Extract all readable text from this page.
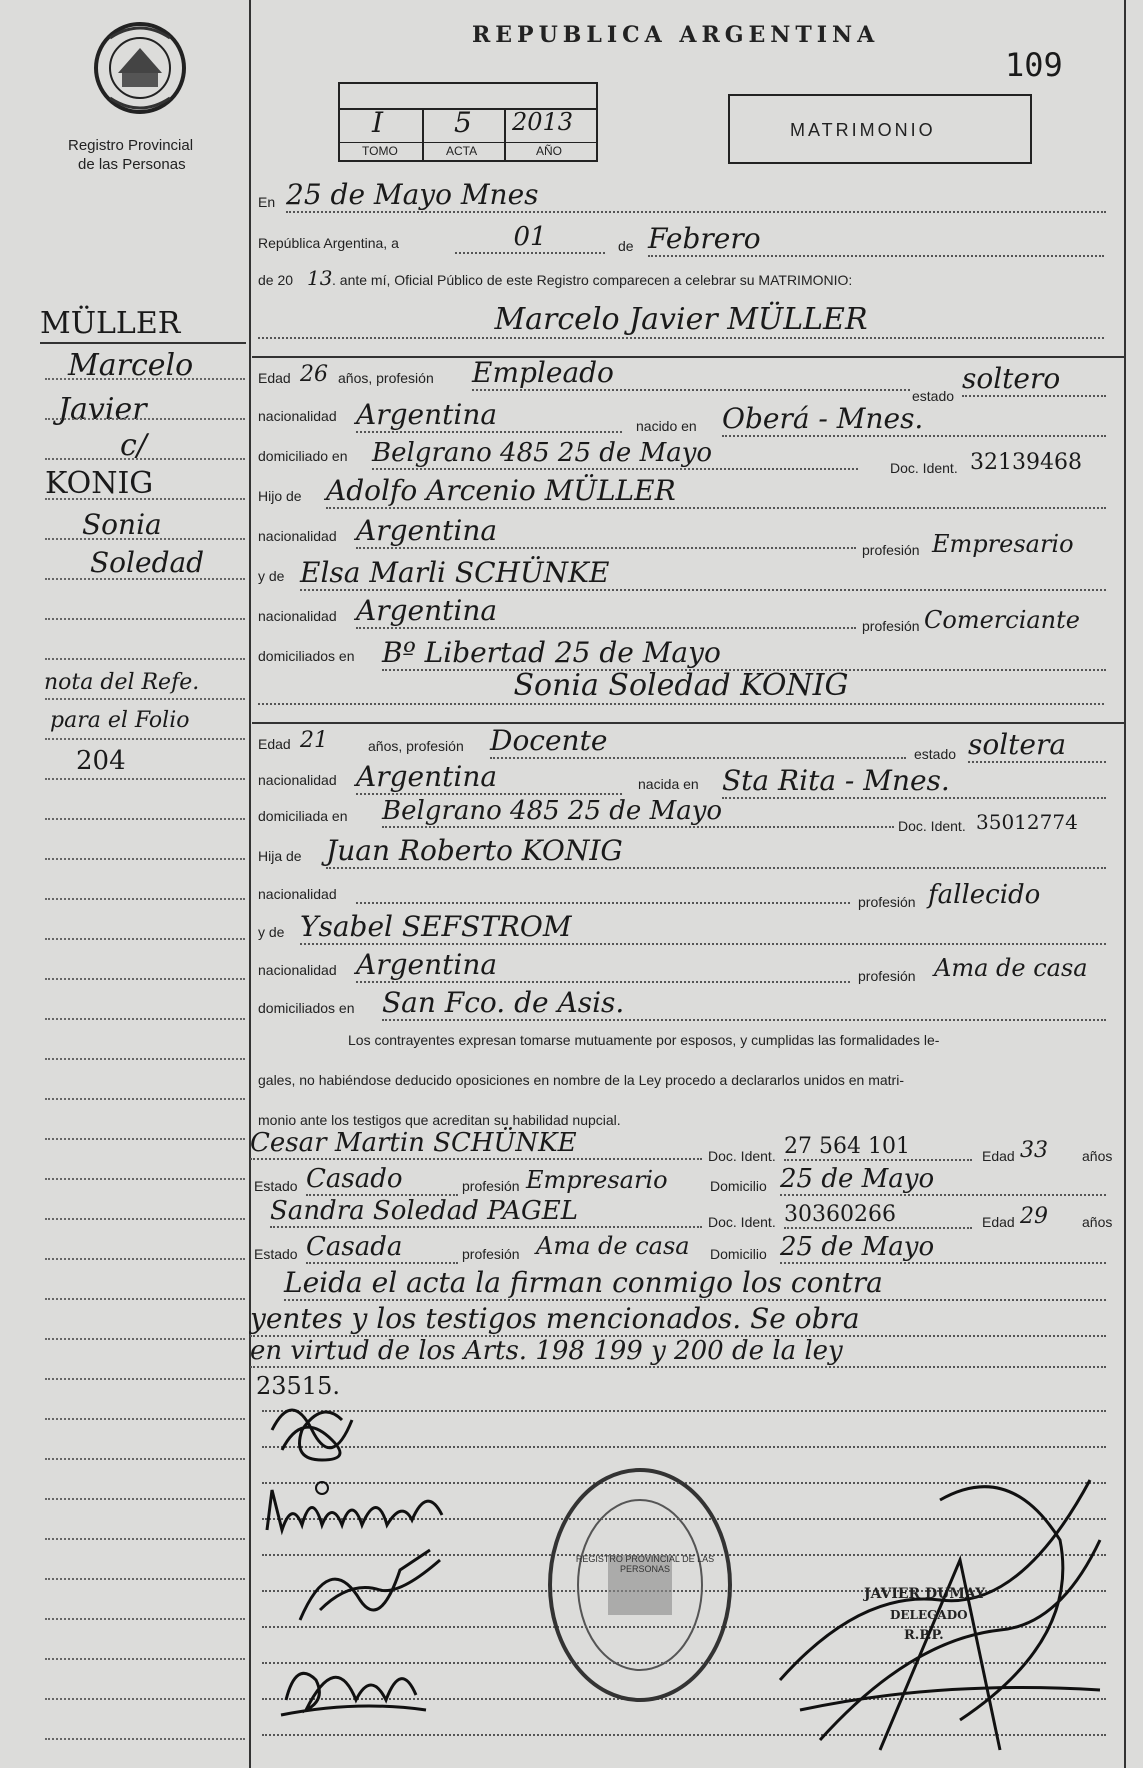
Registro Provincial
de las Personas
REPUBLICA ARGENTINA
109
I	5 2013
TOMO	ACTA	AÑO
MATRIMONIO
MÜLLER
Marcelo
Javier
c/
KONIG
Sonia
Soledad
nota del Refe.
para el Folio
204
En 25 de Mayo Mnes
República Argentina, a	01	de Febrero
de 20 13 . ante mí, Oficial Público de este Registro comparecen a celebrar su MATRIMONIO:
Marcelo Javier MÜLLER
Edad 26 años, profesión Empleado
estado
soltero
nacionalidad Argentina	nacido en Oberá - Mnes.
domiciliado en Belgrano 485 25 de Mayo	Doc. Ident. 32139468
Hijo de Adolfo Arcenio MÜLLER
nacionalidad Argentina
profesión Empresario
y de Elsa Marli SCHÜNKE
nacionalidad Argentina	profesión Comerciante
domiciliados en Bº Libertad 25 de Mayo
Sonia Soledad KONIG
Edad 21	años, profesión Docente	estado soltera
nacionalidad Argentina	nacida en Sta Rita - Mnes.
domiciliada en Belgrano 485 25 de Mayo	Doc. Ident. 35012774
Hija de Juan Roberto KONIG
nacionalidad	profesión fallecido
y de Ysabel SEFSTROM
nacionalidad Argentina	profesión Ama de casa
domiciliados en San Fco. de Asis.
Los contrayentes expresan tomarse mutuamente por esposos, y cumplidas las formalidades le-
gales, no habiéndose deducido oposiciones en nombre de la Ley procedo a declararlos unidos en matri-
monio ante los testigos que acreditan su habilidad nupcial.
Cesar Martin SCHÜNKE	Doc. Ident. 27 564 101	Edad 33 años
Estado Casado	profesión Empresario	Domicilio 25 de Mayo
Sandra Soledad PAGEL	Doc. Ident. 30360266	Edad 29 años
Estado Casada	profesión Ama de casa Domicilio 25 de Mayo
Leida el acta la firman conmigo los contra
yentes y los testigos mencionados. Se obra
en virtud de los Arts. 198 199 y 200 de la ley
23515.
REGISTRO PROVINCIAL DE LAS PERSONAS
JAVIER DUMAY
DELEGADO
R.P.P.
